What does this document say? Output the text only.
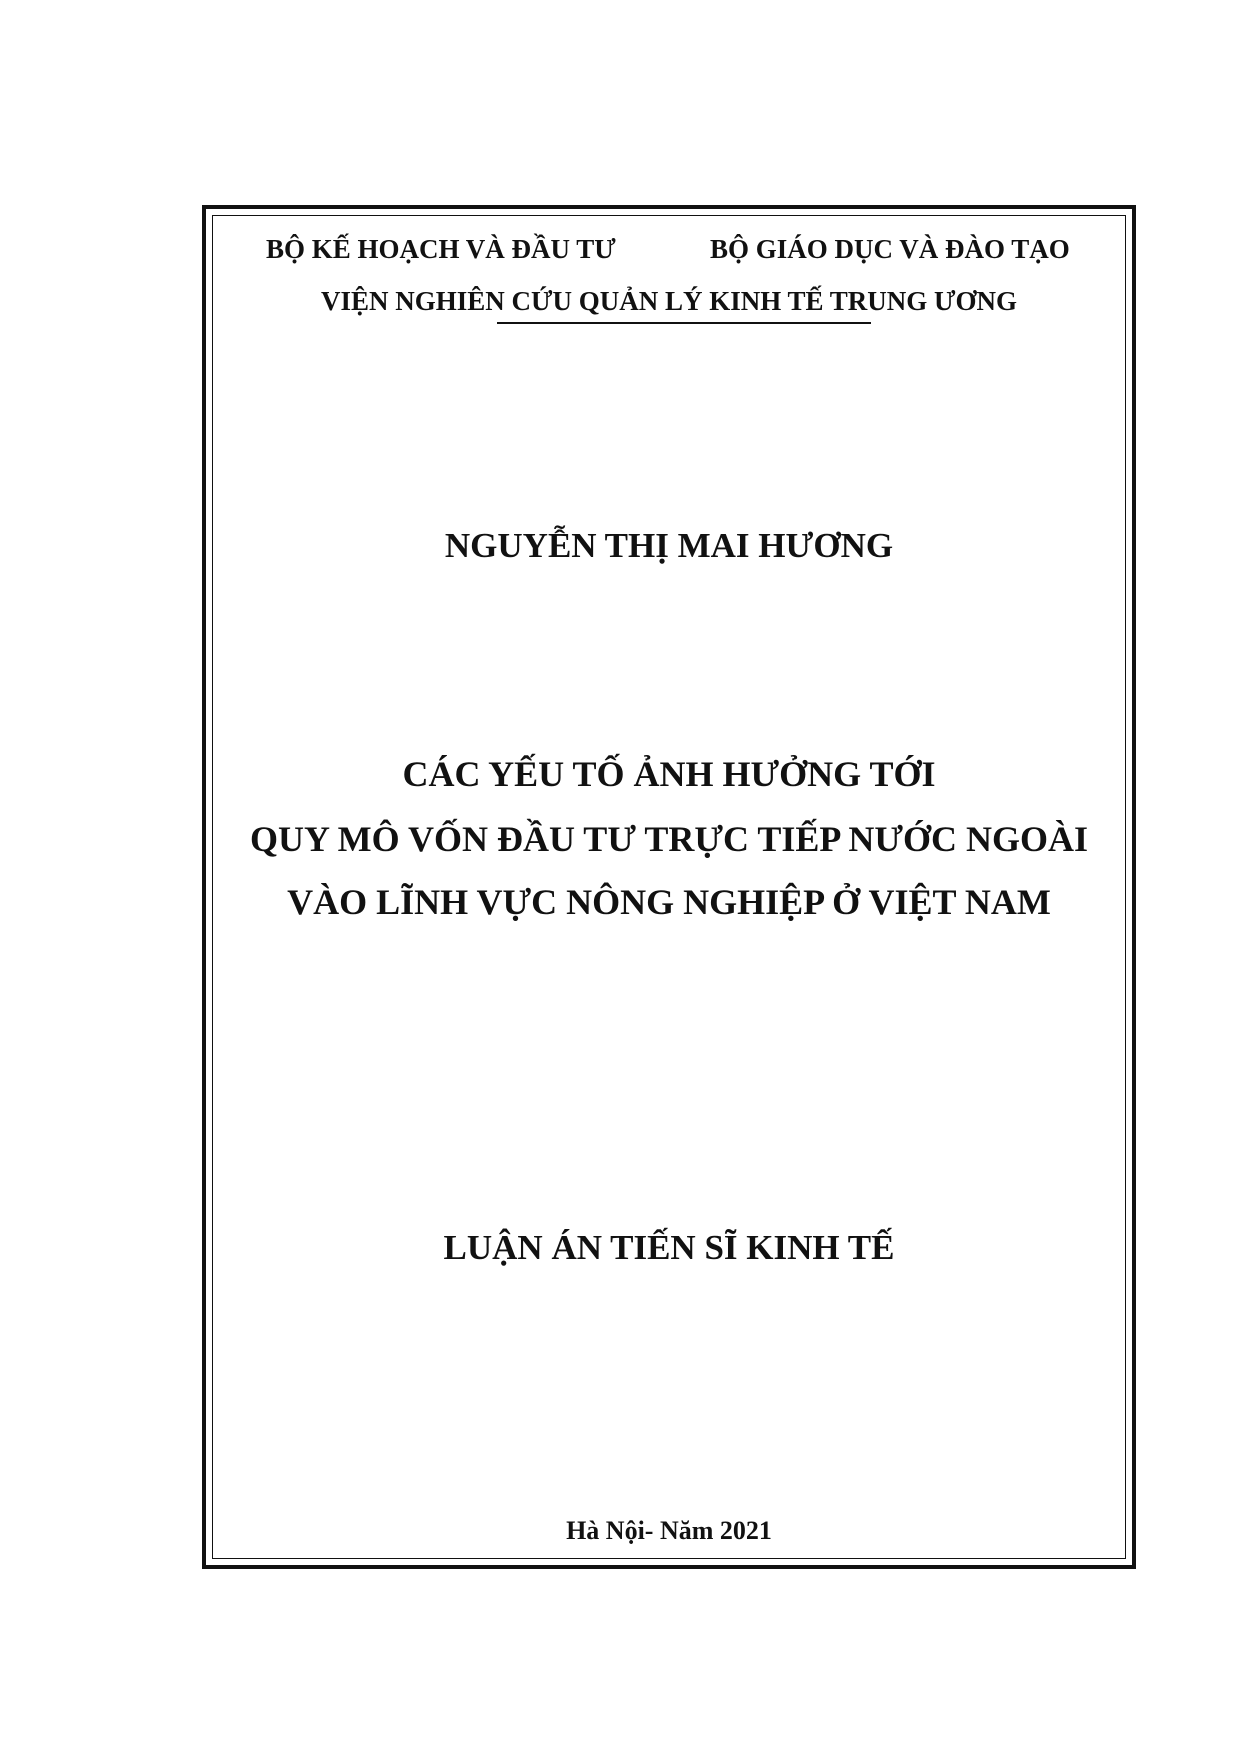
BỘ KẾ HOẠCH VÀ ĐẦU TƯ	BỘ GIÁO DỤC VÀ ĐÀO TẠO
VIỆN NGHIÊN CỨU QUẢN LÝ KINH TẾ TRUNG ƯƠNG
NGUYỄN THỊ MAI HƯƠNG
CÁC YẾU TỐ ẢNH HƯỞNG TỚI
QUY MÔ VỐN ĐẦU TƯ TRỰC TIẾP NƯỚC NGOÀI
VÀO LĨNH VỰC NÔNG NGHIỆP Ở VIỆT NAM
LUẬN ÁN TIẾN SĨ KINH TẾ
Hà Nội- Năm 2021
